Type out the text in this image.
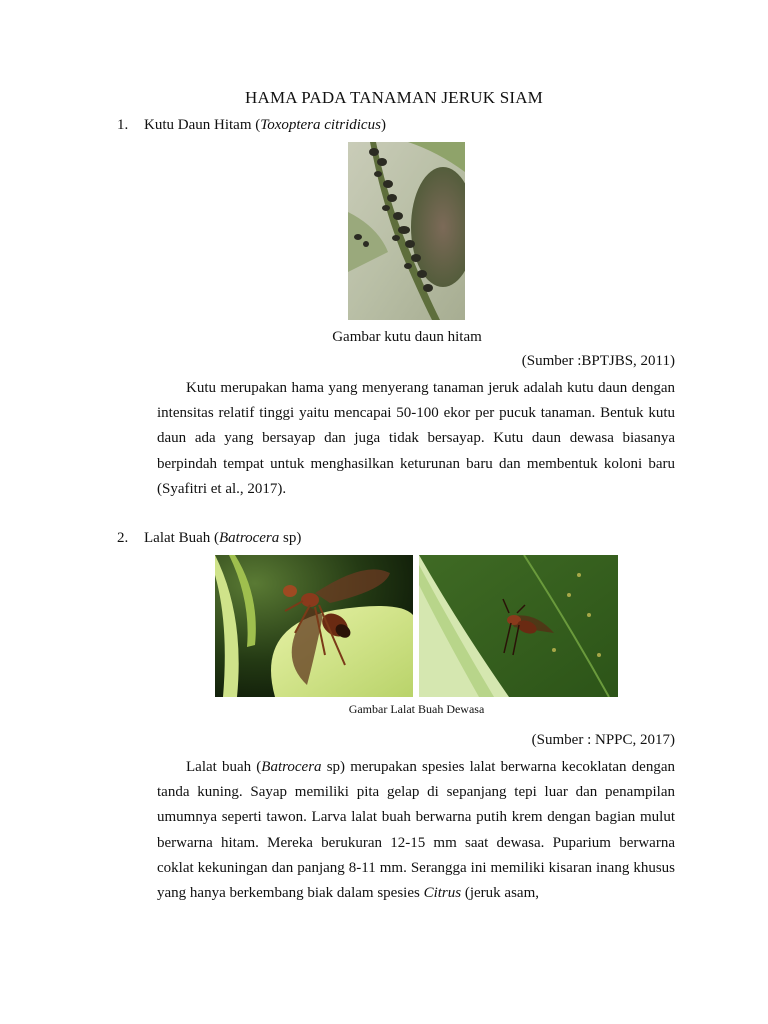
HAMA PADA TANAMAN JERUK SIAM
1. Kutu Daun Hitam (Toxoptera citridicus)
Gambar kutu daun hitam
(Sumber :BPTJBS, 2011)
Kutu merupakan hama yang menyerang tanaman jeruk adalah kutu daun dengan intensitas relatif tinggi yaitu mencapai 50-100 ekor per pucuk tanaman. Bentuk kutu daun ada yang bersayap dan juga tidak bersayap. Kutu daun dewasa biasanya berpindah tempat untuk menghasilkan keturunan baru dan membentuk koloni baru (Syafitri et al., 2017).
2. Lalat Buah (Batrocera sp)
Gambar Lalat Buah Dewasa
(Sumber : NPPC, 2017)
Lalat buah (Batrocera sp) merupakan spesies lalat berwarna kecoklatan dengan tanda kuning. Sayap memiliki pita gelap di sepanjang tepi luar dan penampilan umumnya seperti tawon. Larva lalat buah berwarna putih krem dengan bagian mulut berwarna hitam. Mereka berukuran 12-15 mm saat dewasa. Puparium berwarna coklat kekuningan dan panjang 8-11 mm. Serangga ini memiliki kisaran inang khusus yang hanya berkembang biak dalam spesies Citrus (jeruk asam,
